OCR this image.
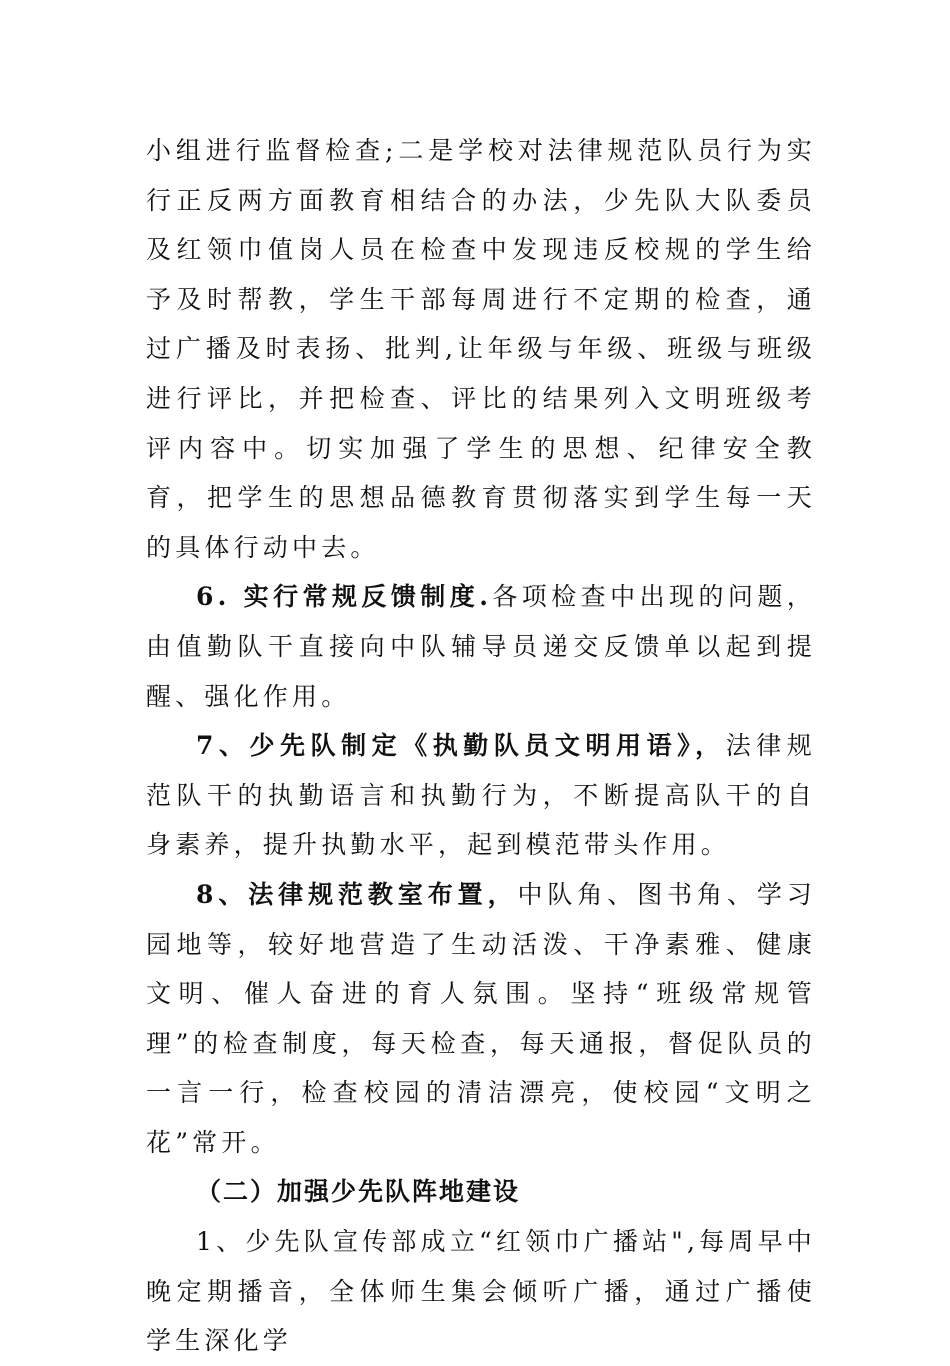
小组进行监督检查;二是学校对法律规范队员行为实行正反两方面教育相结合的办法，少先队大队委员及红领巾值岗人员在检查中发现违反校规的学生给予及时帮教，学生干部每周进行不定期的检查，通过广播及时表扬、批判,让年级与年级、班级与班级进行评比，并把检查、评比的结果列入文明班级考评内容中。切实加强了学生的思想、纪律安全教育，把学生的思想品德教育贯彻落实到学生每一天的具体行动中去。

6. 实行常规反馈制度.各项检查中出现的问题，由值勤队干直接向中队辅导员递交反馈单以起到提醒、强化作用。

7、少先队制定《执勤队员文明用语》，法律规范队干的执勤语言和执勤行为，不断提高队干的自身素养，提升执勤水平，起到模范带头作用。

8、法律规范教室布置，中队角、图书角、学习园地等，较好地营造了生动活泼、干净素雅、健康文明、催人奋进的育人氛围。坚持“班级常规管理”的检查制度，每天检查，每天通报，督促队员的一言一行，检查校园的清洁漂亮，使校园“文明之花”常开。

（二）加强少先队阵地建设

1、少先队宣传部成立“红领巾广播站",每周早中晚定期播音，全体师生集会倾听广播，通过广播使学生深化学
